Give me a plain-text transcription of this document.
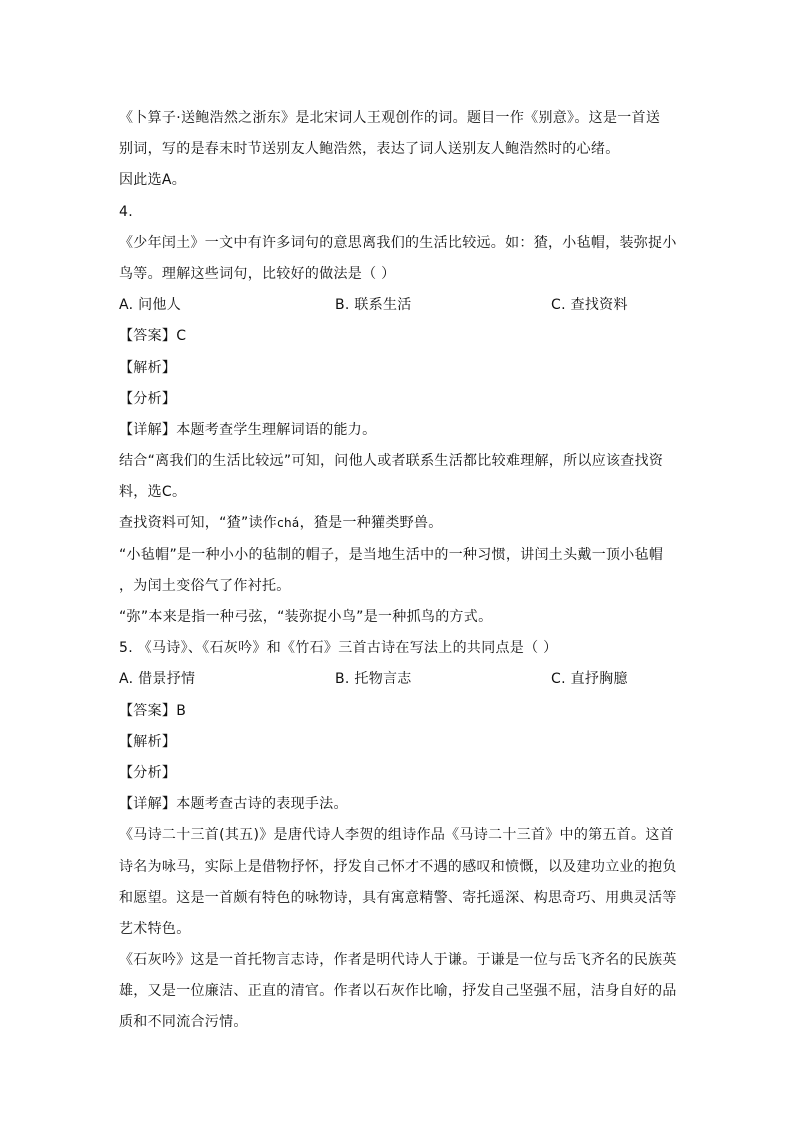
《卜算子·送鲍浩然之浙东》是北宋词人王观创作的词。题目一作《别意》。这是一首送
别词，写的是春末时节送别友人鲍浩然，表达了词人送别友人鲍浩然时的心绪。
因此选A。
4.
《少年闰土》一文中有许多词句的意思离我们的生活比较远。如：猹，小毡帽，装弥捉小
鸟等。理解这些词句，比较好的做法是（ ）
A. 问他人	B. 联系生活	C. 查找资料
【答案】C
【解析】
【分析】
【详解】本题考查学生理解词语的能力。
结合“离我们的生活比较远”可知，问他人或者联系生活都比较难理解，所以应该查找资
料，选C。
查找资料可知，“猹”读作chá，猹是一种獾类野兽。
“小毡帽”是一种小小的毡制的帽子，是当地生活中的一种习惯，讲闰土头戴一顶小毡帽
，为闰土变俗气了作衬托。
“弥”本来是指一种弓弦，“装弥捉小鸟”是一种抓鸟的方式。
5. 《马诗》、《石灰吟》和《竹石》三首古诗在写法上的共同点是（ ）
A. 借景抒情	B. 托物言志	C. 直抒胸臆
【答案】B
【解析】
【分析】
【详解】本题考查古诗的表现手法。
《马诗二十三首(其五)》是唐代诗人李贺的组诗作品《马诗二十三首》中的第五首。这首
诗名为咏马，实际上是借物抒怀，抒发自己怀才不遇的感叹和愤慨，以及建功立业的抱负
和愿望。这是一首颇有特色的咏物诗，具有寓意精警、寄托遥深、构思奇巧、用典灵活等
艺术特色。
《石灰吟》这是一首托物言志诗，作者是明代诗人于谦。于谦是一位与岳飞齐名的民族英
雄，又是一位廉洁、正直的清官。作者以石灰作比喻，抒发自己坚强不屈，洁身自好的品
质和不同流合污情。
